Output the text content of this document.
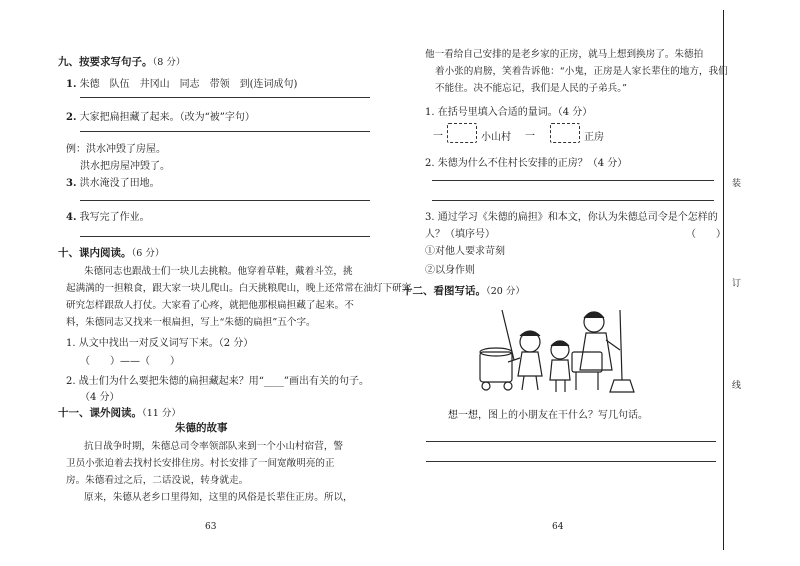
九、按要求写句子。（8 分）
1. 朱德　队伍　井冈山　同志　带领　到(连词成句)
2. 大家把扁担藏了起来。（改为“被”字句）
例：洪水冲毁了房屋。
洪水把房屋冲毁了。
3. 洪水淹没了田地。
4. 我写完了作业。
十、课内阅读。（6 分）
朱德同志也跟战士们一块儿去挑粮。他穿着草鞋，戴着斗笠，挑
起满满的一担粮食，跟大家一块儿爬山。白天挑粮爬山，晚上还常常在油灯下研究
研究怎样跟敌人打仗。大家看了心疼，就把他那根扁担藏了起来。不
料，朱德同志又找来一根扁担，写上“朱德的扁担”五个字。
1. 从文中找出一对反义词写下来。（2 分）
（　　）——（　　）
2. 战士们为什么要把朱德的扁担藏起来？用“____”画出有关的句子。
（4 分）
十一、课外阅读。（11 分）
朱德的故事
抗日战争时期，朱德总司令率领部队来到一个小山村宿营，警
卫员小张迫着去找村长安排住房。村长安排了一间宽敞明亮的正
房。朱德看过之后，二话没说，转身就走。
原来，朱德从老乡口里得知，这里的风俗是长辈住正房。所以，
63
他一看给自己安排的是老乡家的正房，就马上想到换房了。朱德拍
着小张的肩膀，笑着告诉他：“小鬼，正房是人家长辈住的地方，我们
不能住。决不能忘记，我们是人民的子弟兵。”
1. 在括号里填入合适的量词。（4 分）
一	小山村 一	正房
2. 朱德为什么不住村长安排的正房？（4 分）
3. 通过学习《朱德的扁担》和本文，你认为朱德总司令是个怎样的
人？（填序号）	（　　）
①对他人要求苛刻
②以身作则
十二、看图写话。（20 分）
想一想，图上的小朋友在干什么？写几句话。
64
装
订
线
